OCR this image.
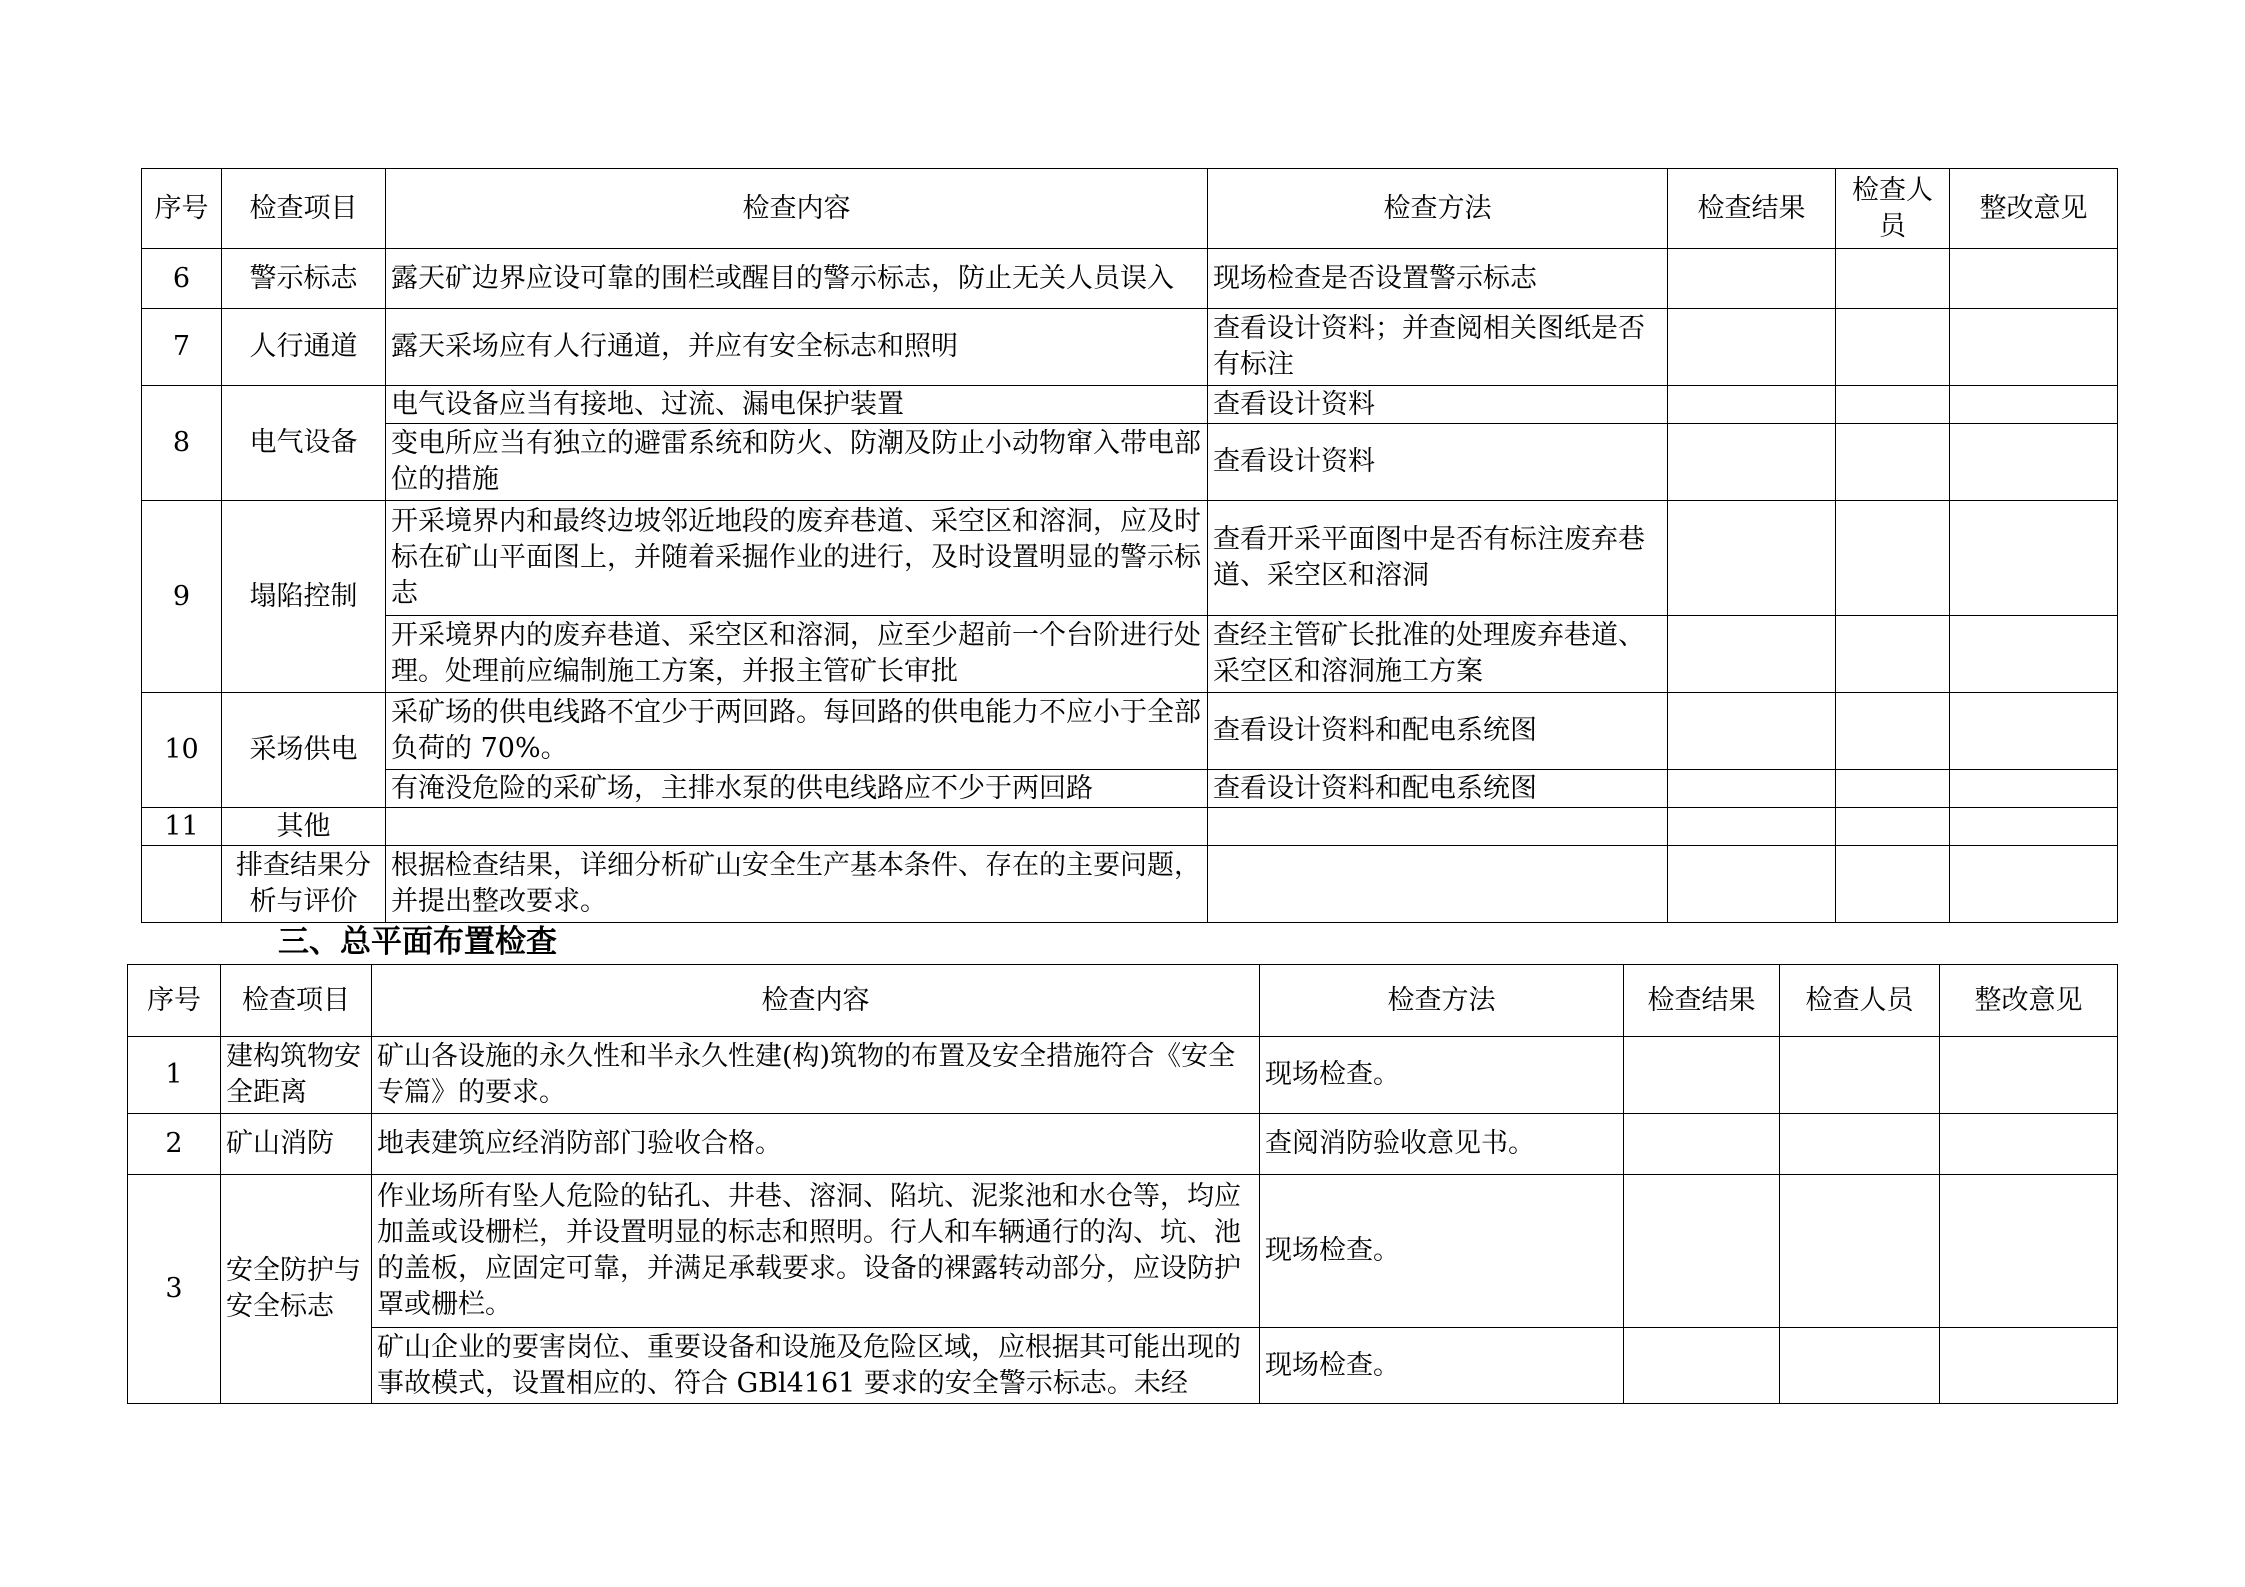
序号	检查项目	检查内容	检查方法	检查结果	检查人员	整改意见
6	警示标志	露天矿边界应设可靠的围栏或醒目的警示标志，防止无关人员误入	现场检查是否设置警示标志			
7	人行通道	露天采场应有人行通道，并应有安全标志和照明	查看设计资料；并查阅相关图纸是否有标注			
8	电气设备	电气设备应当有接地、过流、漏电保护装置	查看设计资料			
		变电所应当有独立的避雷系统和防火、防潮及防止小动物窜入带电部位的措施	查看设计资料			
9	塌陷控制	开采境界内和最终边坡邻近地段的废弃巷道、采空区和溶洞，应及时标在矿山平面图上，并随着采掘作业的进行，及时设置明显的警示标志	查看开采平面图中是否有标注废弃巷道、采空区和溶洞			
		开采境界内的废弃巷道、采空区和溶洞，应至少超前一个台阶进行处理。处理前应编制施工方案，并报主管矿长审批	查经主管矿长批准的处理废弃巷道、采空区和溶洞施工方案			
10	采场供电	采矿场的供电线路不宜少于两回路。每回路的供电能力不应小于全部负荷的 70%。	查看设计资料和配电系统图			
		有淹没危险的采矿场，主排水泵的供电线路应不少于两回路	查看设计资料和配电系统图			
11	其他					
	排查结果分析与评价	根据检查结果，详细分析矿山安全生产基本条件、存在的主要问题，并提出整改要求。				
三、总平面布置检查
序号	检查项目	检查内容	检查方法	检查结果	检查人员	整改意见
1	建构筑物安全距离	矿山各设施的永久性和半永久性建(构)筑物的布置及安全措施符合《安全专篇》的要求。	现场检查。			
2	矿山消防	地表建筑应经消防部门验收合格。	查阅消防验收意见书。			
3	安全防护与安全标志	作业场所有坠人危险的钻孔、井巷、溶洞、陷坑、泥浆池和水仓等，均应加盖或设栅栏，并设置明显的标志和照明。行人和车辆通行的沟、坑、池的盖板，应固定可靠，并满足承载要求。设备的裸露转动部分，应设防护罩或栅栏。	现场检查。			
		矿山企业的要害岗位、重要设备和设施及危险区域，应根据其可能出现的事故模式，设置相应的、符合 GBl4161 要求的安全警示标志。未经	现场检查。			
